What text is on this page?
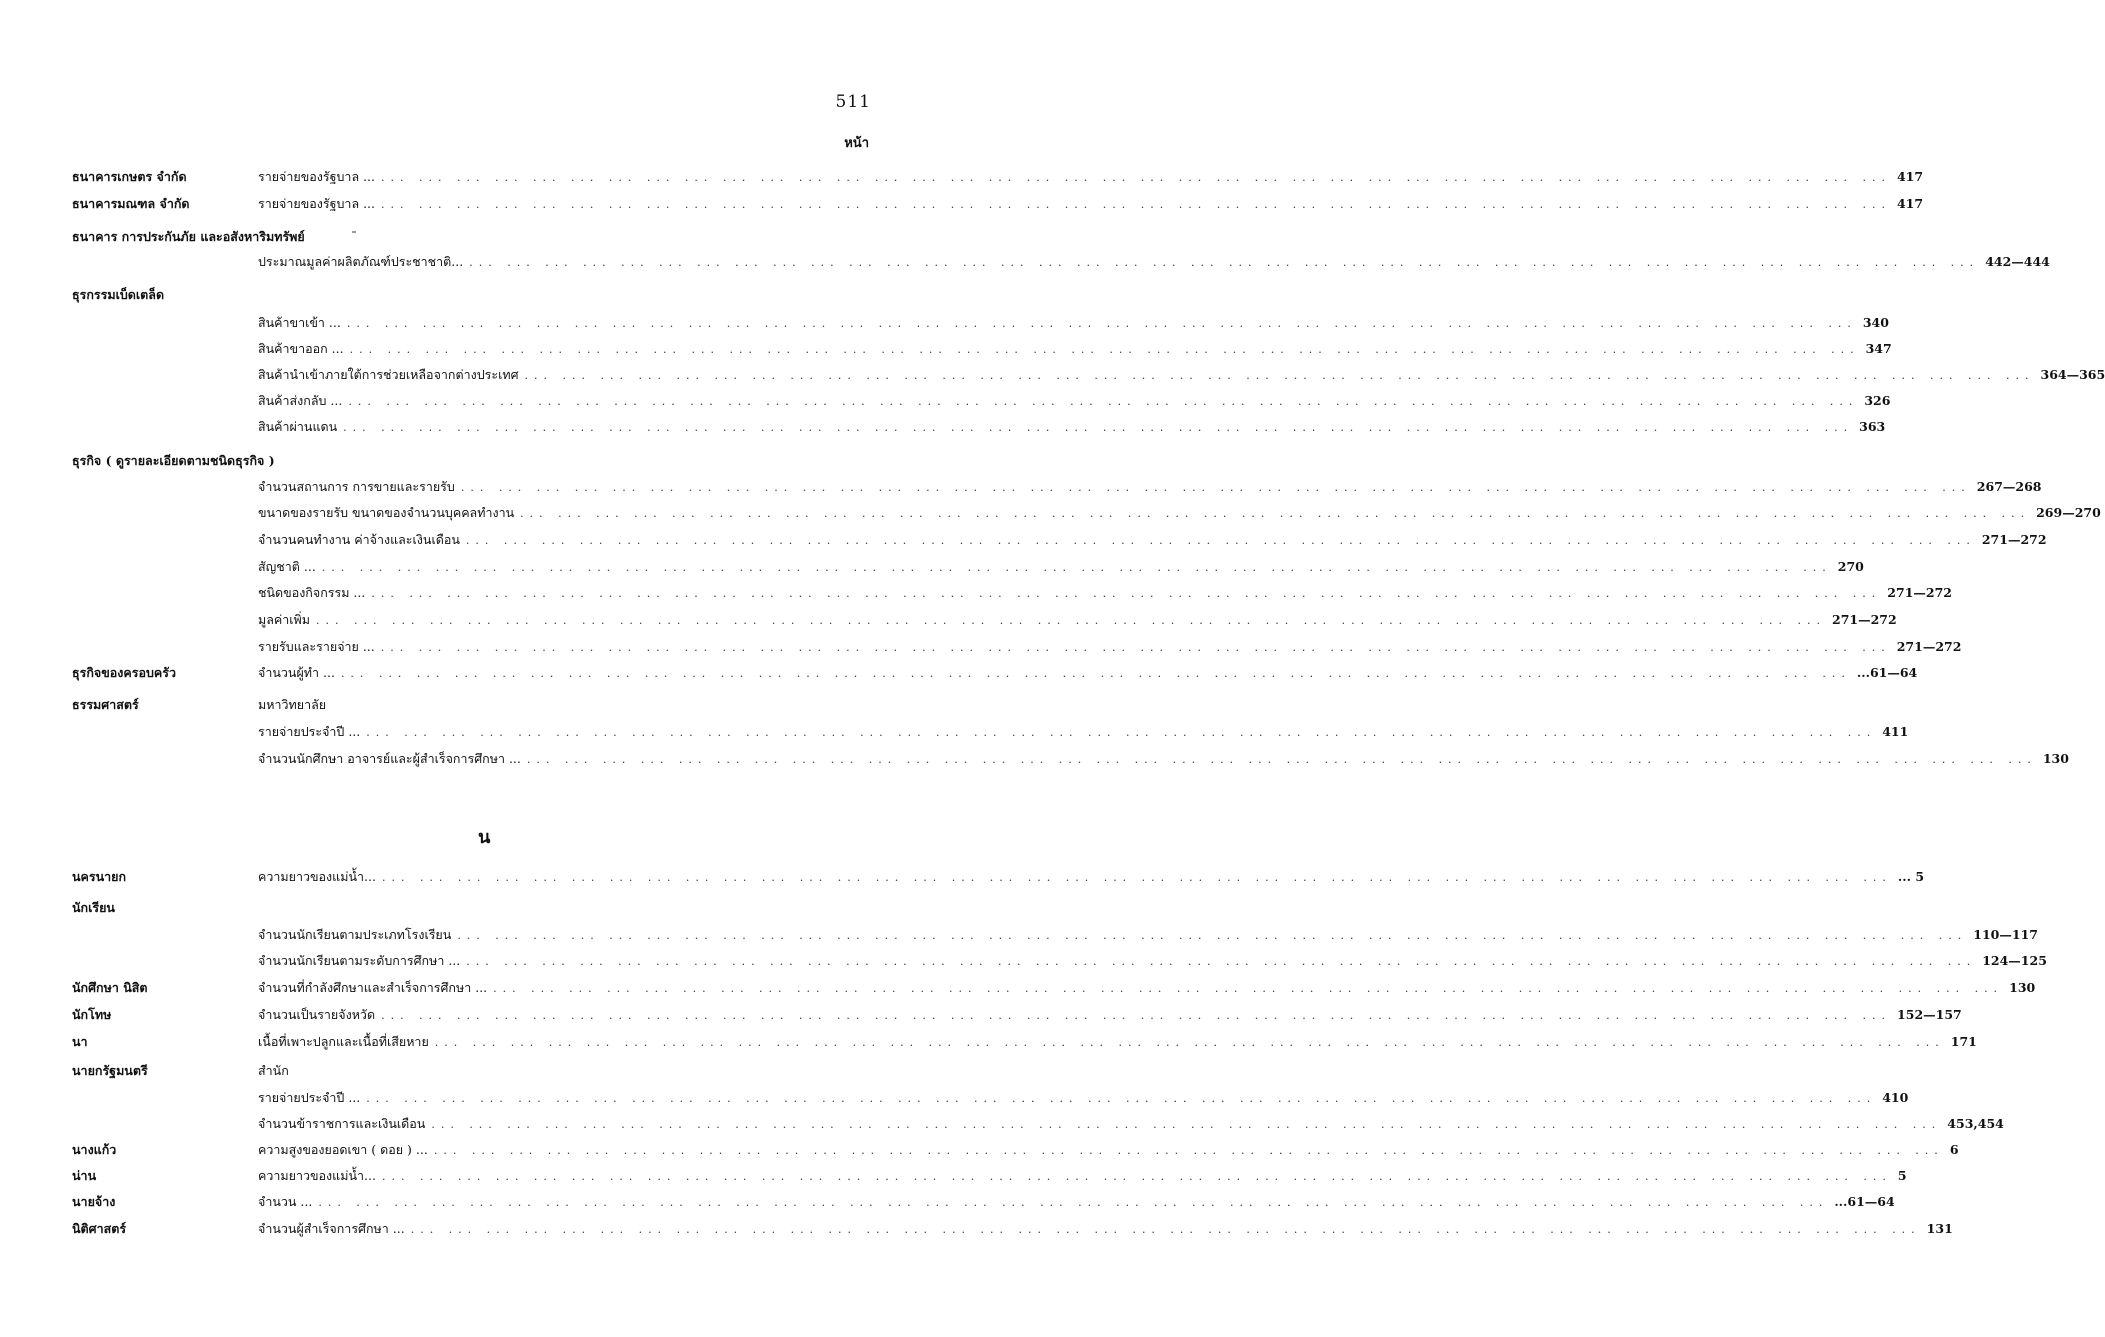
511
หน้า
น
ธนาคารเกษตร จำกัด	รายจ่ายของรัฐบาล ... ... ... ... ... ... ... ... ... ... ... ... ... ... ... ... ... ... ... ... ... ... ... ... ... ... ... ... ... ... ... ... ... ... ... ... ... ... ... ... ... 417
ธนาคารมณฑล จำกัด	รายจ่ายของรัฐบาล ... ... ... ... ... ... ... ... ... ... ... ... ... ... ... ... ... ... ... ... ... ... ... ... ... ... ... ... ... ... ... ... ... ... ... ... ... ... ... ... ... 417
ธนาคาร การประกันภัย และอสังหาริมทรัพย์
ประมาณมูลค่าผลิตภัณฑ์ประชาชาติ... ... ... ... ... ... ... ... ... ... ... ... ... ... ... ... ... ... ... ... ... ... ... ... ... ... ... ... ... ... ... ... ... ... ... ... ... ... ... ... ... 442—444
ธุรกรรมเบ็ดเตล็ด
สินค้าขาเข้า ... ... ... ... ... ... ... ... ... ... ... ... ... ... ... ... ... ... ... ... ... ... ... ... ... ... ... ... ... ... ... ... ... ... ... ... ... ... ... ... ... 340
สินค้าขาออก ... ... ... ... ... ... ... ... ... ... ... ... ... ... ... ... ... ... ... ... ... ... ... ... ... ... ... ... ... ... ... ... ... ... ... ... ... ... ... ... ... 347
สินค้านำเข้าภายใต้การช่วยเหลือจากต่างประเทศ ... ... ... ... ... ... ... ... ... ... ... ... ... ... ... ... ... ... ... ... ... ... ... ... ... ... ... ... ... ... ... ... ... ... ... ... ... ... ... ... 364—365
สินค้าส่งกลับ ... ... ... ... ... ... ... ... ... ... ... ... ... ... ... ... ... ... ... ... ... ... ... ... ... ... ... ... ... ... ... ... ... ... ... ... ... ... ... ... ... 326
สินค้าผ่านแดน ... ... ... ... ... ... ... ... ... ... ... ... ... ... ... ... ... ... ... ... ... ... ... ... ... ... ... ... ... ... ... ... ... ... ... ... ... ... ... ... 363
ธุรกิจ ( ดูรายละเอียดตามชนิดธุรกิจ )
จำนวนสถานการ การขายและรายรับ ... ... ... ... ... ... ... ... ... ... ... ... ... ... ... ... ... ... ... ... ... ... ... ... ... ... ... ... ... ... ... ... ... ... ... ... ... ... ... ... 267—268
ขนาดของรายรับ ขนาดของจำนวนบุคคลทำงาน ... ... ... ... ... ... ... ... ... ... ... ... ... ... ... ... ... ... ... ... ... ... ... ... ... ... ... ... ... ... ... ... ... ... ... ... ... ... ... ... 269—270
จำนวนคนทำงาน ค่าจ้างและเงินเดือน ... ... ... ... ... ... ... ... ... ... ... ... ... ... ... ... ... ... ... ... ... ... ... ... ... ... ... ... ... ... ... ... ... ... ... ... ... ... ... ... 271—272
สัญชาติ ... ... ... ... ... ... ... ... ... ... ... ... ... ... ... ... ... ... ... ... ... ... ... ... ... ... ... ... ... ... ... ... ... ... ... ... ... ... ... ... ... 270
ชนิดของกิจกรรม ... ... ... ... ... ... ... ... ... ... ... ... ... ... ... ... ... ... ... ... ... ... ... ... ... ... ... ... ... ... ... ... ... ... ... ... ... ... ... ... ... 271—272
มูลค่าเพิ่ม ... ... ... ... ... ... ... ... ... ... ... ... ... ... ... ... ... ... ... ... ... ... ... ... ... ... ... ... ... ... ... ... ... ... ... ... ... ... ... ... 271—272
รายรับและรายจ่าย ... ... ... ... ... ... ... ... ... ... ... ... ... ... ... ... ... ... ... ... ... ... ... ... ... ... ... ... ... ... ... ... ... ... ... ... ... ... ... ... ... 271—272
ธุรกิจของครอบครัว	จำนวนผู้ทำ ... ... ... ... ... ... ... ... ... ... ... ... ... ... ... ... ... ... ... ... ... ... ... ... ... ... ... ... ... ... ... ... ... ... ... ... ... ... ... ... ... ...61—64
ธรรมศาสตร์	มหาวิทยาลัย
รายจ่ายประจำปี ... ... ... ... ... ... ... ... ... ... ... ... ... ... ... ... ... ... ... ... ... ... ... ... ... ... ... ... ... ... ... ... ... ... ... ... ... ... ... ... ... 411
จำนวนนักศึกษา อาจารย์และผู้สำเร็จการศึกษา ... ... ... ... ... ... ... ... ... ... ... ... ... ... ... ... ... ... ... ... ... ... ... ... ... ... ... ... ... ... ... ... ... ... ... ... ... ... ... ... ... 130
นครนายก	ความยาวของแม่น้ำ... ... ... ... ... ... ... ... ... ... ... ... ... ... ... ... ... ... ... ... ... ... ... ... ... ... ... ... ... ... ... ... ... ... ... ... ... ... ... ... ... ... 5
นักเรียน
จำนวนนักเรียนตามประเภทโรงเรียน ... ... ... ... ... ... ... ... ... ... ... ... ... ... ... ... ... ... ... ... ... ... ... ... ... ... ... ... ... ... ... ... ... ... ... ... ... ... ... ... 110—117
จำนวนนักเรียนตามระดับการศึกษา ... ... ... ... ... ... ... ... ... ... ... ... ... ... ... ... ... ... ... ... ... ... ... ... ... ... ... ... ... ... ... ... ... ... ... ... ... ... ... ... ... 124—125
นักศึกษา นิสิต	จำนวนที่กำลังศึกษาและสำเร็จการศึกษา ... ... ... ... ... ... ... ... ... ... ... ... ... ... ... ... ... ... ... ... ... ... ... ... ... ... ... ... ... ... ... ... ... ... ... ... ... ... ... ... ... 130
นักโทษ	จำนวนเป็นรายจังหวัด ... ... ... ... ... ... ... ... ... ... ... ... ... ... ... ... ... ... ... ... ... ... ... ... ... ... ... ... ... ... ... ... ... ... ... ... ... ... ... ... 152—157
นา	เนื้อที่เพาะปลูกและเนื้อที่เสียหาย ... ... ... ... ... ... ... ... ... ... ... ... ... ... ... ... ... ... ... ... ... ... ... ... ... ... ... ... ... ... ... ... ... ... ... ... ... ... ... ... 171
นายกรัฐมนตรี	สำนัก
รายจ่ายประจำปี ... ... ... ... ... ... ... ... ... ... ... ... ... ... ... ... ... ... ... ... ... ... ... ... ... ... ... ... ... ... ... ... ... ... ... ... ... ... ... ... ... 410
จำนวนข้าราชการและเงินเดือน ... ... ... ... ... ... ... ... ... ... ... ... ... ... ... ... ... ... ... ... ... ... ... ... ... ... ... ... ... ... ... ... ... ... ... ... ... ... ... ... 453,454
นางแก้ว	ความสูงของยอดเขา ( ดอย ) ... ... ... ... ... ... ... ... ... ... ... ... ... ... ... ... ... ... ... ... ... ... ... ... ... ... ... ... ... ... ... ... ... ... ... ... ... ... ... ... ... 6
น่าน	ความยาวของแม่น้ำ... ... ... ... ... ... ... ... ... ... ... ... ... ... ... ... ... ... ... ... ... ... ... ... ... ... ... ... ... ... ... ... ... ... ... ... ... ... ... ... ... 5
นายจ้าง	จำนวน ... ... ... ... ... ... ... ... ... ... ... ... ... ... ... ... ... ... ... ... ... ... ... ... ... ... ... ... ... ... ... ... ... ... ... ... ... ... ... ... ... ...61—64
นิติศาสตร์	จำนวนผู้สำเร็จการศึกษา ... ... ... ... ... ... ... ... ... ... ... ... ... ... ... ... ... ... ... ... ... ... ... ... ... ... ... ... ... ... ... ... ... ... ... ... ... ... ... ... ... 131
